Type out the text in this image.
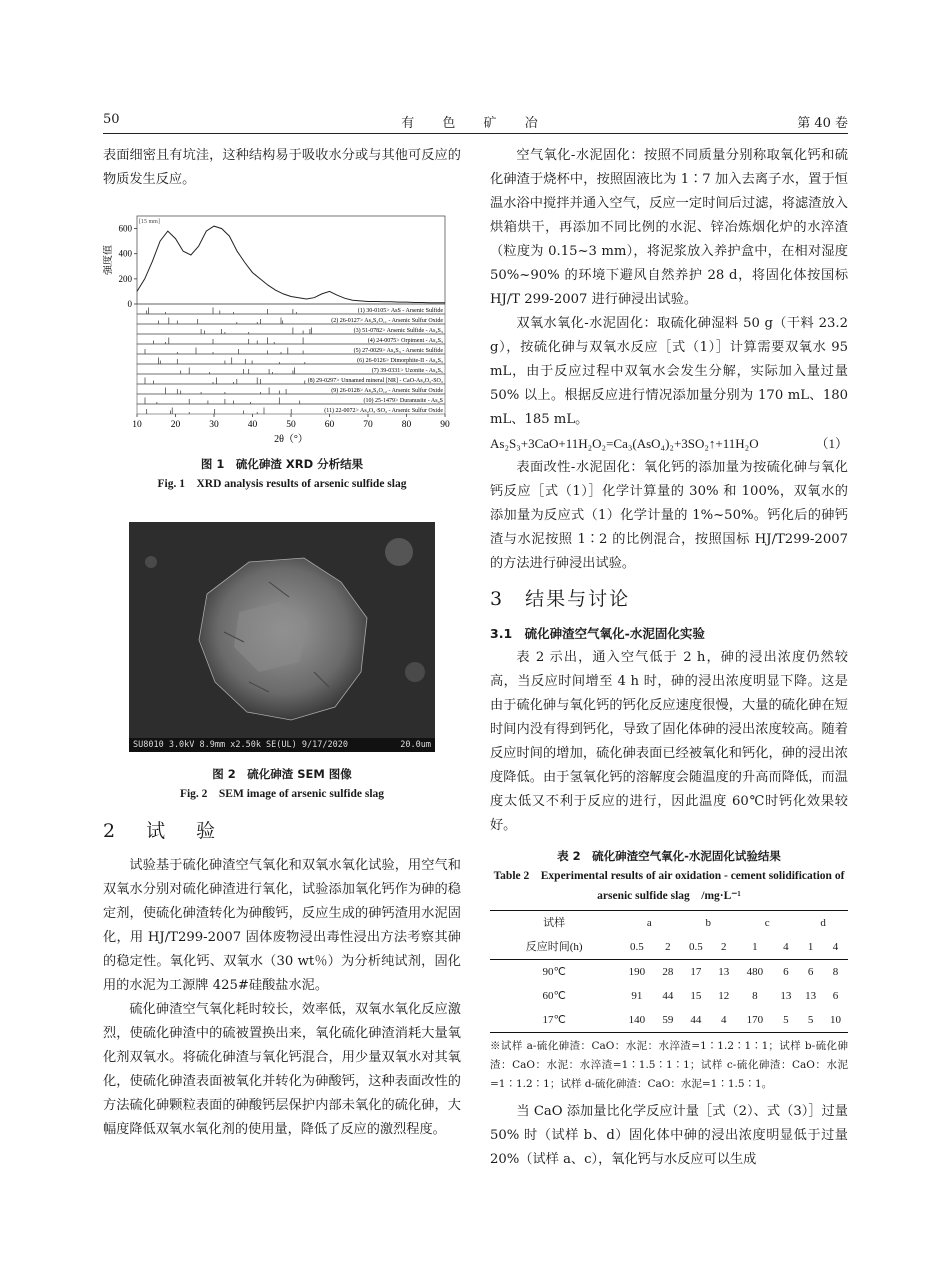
50	有 色 矿 冶	第 40 卷

表面细密且有坑洼，这种结构易于吸收水分或与其他可反应的物质发生反应。

[15 mm]
0
200
400
600
(1) 30-0105> AsS - Arsenic Sulfide
(2) 26-0127> As₂S₂O₁₁ - Arsenic Sulfur Oxide
(3) 51-0782> Arsenic Sulfide - As₄S₃
(4) 24-0075> Orpiment - As₂S₃
(5) 27-0029> As₄S₃ - Arsenic Sulfide
(6) 26-0126> Dimorphite-II - As₄S₃
(7) 39-0331> Uzonite - As₄S₅
(8) 29-0297> Unnamed mineral [NR] - CaO-As₂O₅-SO₃
(9) 26-0128> As₂S₃O₁₂ - Arsenic Sulfur Oxide
(10) 25-1479> Duranusite - As₄S
(11) 22-0072> As₂O₃·SO₃ - Arsenic Sulfur Oxide
10	20	30	40	50	60	70	80	90
2θ（°）
强度值
图 1　硫化砷渣 XRD 分析结果
Fig. 1　XRD analysis results of arsenic sulfide slag
SU8010 3.0kV 8.9mm x2.50k SE(UL) 9/17/2020	20.0um
图 2　硫化砷渣 SEM 图像
Fig. 2　SEM image of arsenic sulfide slag
2　试　验

试验基于硫化砷渣空气氧化和双氧水氧化试验，用空气和双氧水分别对硫化砷渣进行氧化，试验添加氧化钙作为砷的稳定剂，使硫化砷渣转化为砷酸钙，反应生成的砷钙渣用水泥固化，用 HJ/T299-2007 固体废物浸出毒性浸出方法考察其砷的稳定性。氧化钙、双氧水（30 wt％）为分析纯试剂，固化用的水泥为工源牌 425#硅酸盐水泥。

硫化砷渣空气氧化耗时较长，效率低，双氧水氧化反应激烈，使硫化砷渣中的硫被置换出来，氧化硫化砷渣消耗大量氧化剂双氧水。将硫化砷渣与氧化钙混合，用少量双氧水对其氧化，使硫化砷渣表面被氧化并转化为砷酸钙，这种表面改性的方法硫化砷颗粒表面的砷酸钙层保护内部未氧化的硫化砷，大幅度降低双氧水氧化剂的使用量，降低了反应的激烈程度。

空气氧化-水泥固化：按照不同质量分别称取氧化钙和硫化砷渣于烧杯中，按照固液比为 1∶7 加入去离子水，置于恒温水浴中搅拌并通入空气，反应一定时间后过滤，将滤渣放入烘箱烘干，再添加不同比例的水泥、锌冶炼烟化炉的水淬渣（粒度为 0.15~3 mm），将泥浆放入养护盒中，在相对湿度 50%~90% 的环境下避风自然养护 28 d，将固化体按国标 HJ/T 299-2007 进行砷浸出试验。

双氧水氧化-水泥固化：取硫化砷湿料 50 g（干料 23.2 g），按硫化砷与双氧水反应［式（1）］计算需要双氧水 95 mL，由于反应过程中双氧水会发生分解，实际加入量过量 50% 以上。根据反应进行情况添加量分别为 170 mL、180 mL、185 mL。

As₂S₃+3CaO+11H₂O₂=Ca₃(AsO₄)₂+3SO₂↑+11H₂O	（1）

表面改性-水泥固化：氧化钙的添加量为按硫化砷与氧化钙反应［式（1）］化学计算量的 30% 和 100%，双氧水的添加量为反应式（1）化学计量的 1%~50%。钙化后的砷钙渣与水泥按照 1∶2 的比例混合，按照国标 HJ/T299-2007 的方法进行砷浸出试验。

3　结果与讨论
3.1　硫化砷渣空气氧化-水泥固化实验

表 2 示出，通入空气低于 2 h，砷的浸出浓度仍然较高，当反应时间增至 4 h 时，砷的浸出浓度明显下降。这是由于硫化砷与氧化钙的钙化反应速度很慢，大量的硫化砷在短时间内没有得到钙化，导致了固化体砷的浸出浓度较高。随着反应时间的增加，硫化砷表面已经被氧化和钙化，砷的浸出浓度降低。由于氢氧化钙的溶解度会随温度的升高而降低，而温度太低又不利于反应的进行，因此温度 60℃时钙化效果较好。

表 2　硫化砷渣空气氧化-水泥固化试验结果
Table 2　Experimental results of air oxidation - cement solidification of arsenic sulfide slag　/mg·L⁻¹
试样	a		b		c		d	
反应时间(h)	0.5	2	0.5	2	1	4	1	4
90℃	190	28	17	13	480	6	6	8
60℃	91	44	15	12	8	13	13	6
17℃	140	59	44	4	170	5	5	10
※试样 a-硫化砷渣：CaO：水泥：水淬渣=1∶1.2∶1∶1；试样 b-硫化砷渣：CaO：水泥：水淬渣=1∶1.5∶1∶1；试样 c-硫化砷渣：CaO：水泥=1∶1.2∶1；试样 d-硫化砷渣：CaO：水泥=1∶1.5∶1。

当 CaO 添加量比化学反应计量［式（2）、式（3）］过量 50% 时（试样 b、d）固化体中砷的浸出浓度明显低于过量 20%（试样 a、c），氧化钙与水反应可以生成
